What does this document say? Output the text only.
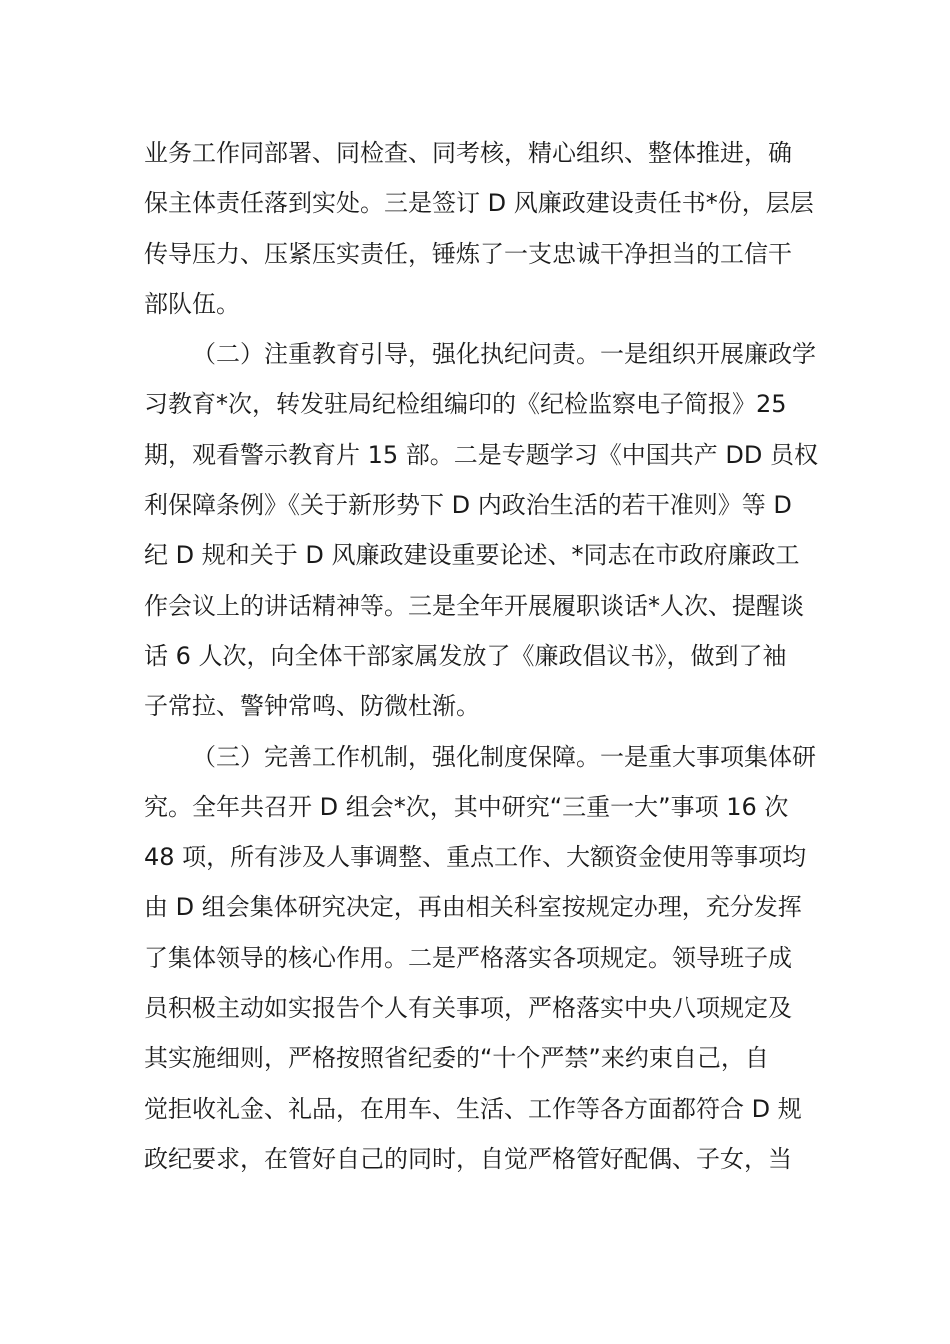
业务工作同部署、同检查、同考核，精心组织、整体推进，确
保主体责任落到实处。三是签订 D 风廉政建设责任书*份，层层
传导压力、压紧压实责任，锤炼了一支忠诚干净担当的工信干
部队伍。
（二）注重教育引导，强化执纪问责。一是组织开展廉政学
习教育*次，转发驻局纪检组编印的《纪检监察电子简报》25
期，观看警示教育片 15 部。二是专题学习《中国共产 DD 员权
利保障条例》《关于新形势下 D 内政治生活的若干准则》等 D
纪 D 规和关于 D 风廉政建设重要论述、*同志在市政府廉政工
作会议上的讲话精神等。三是全年开展履职谈话*人次、提醒谈
话 6 人次，向全体干部家属发放了《廉政倡议书》，做到了袖
子常拉、警钟常鸣、防微杜渐。
（三）完善工作机制，强化制度保障。一是重大事项集体研
究。全年共召开 D 组会*次，其中研究“三重一大”事项 16 次
48 项，所有涉及人事调整、重点工作、大额资金使用等事项均
由 D 组会集体研究决定，再由相关科室按规定办理，充分发挥
了集体领导的核心作用。二是严格落实各项规定。领导班子成
员积极主动如实报告个人有关事项，严格落实中央八项规定及
其实施细则，严格按照省纪委的“十个严禁”来约束自己，自
觉拒收礼金、礼品，在用车、生活、工作等各方面都符合 D 规
政纪要求，在管好自己的同时，自觉严格管好配偶、子女，当
